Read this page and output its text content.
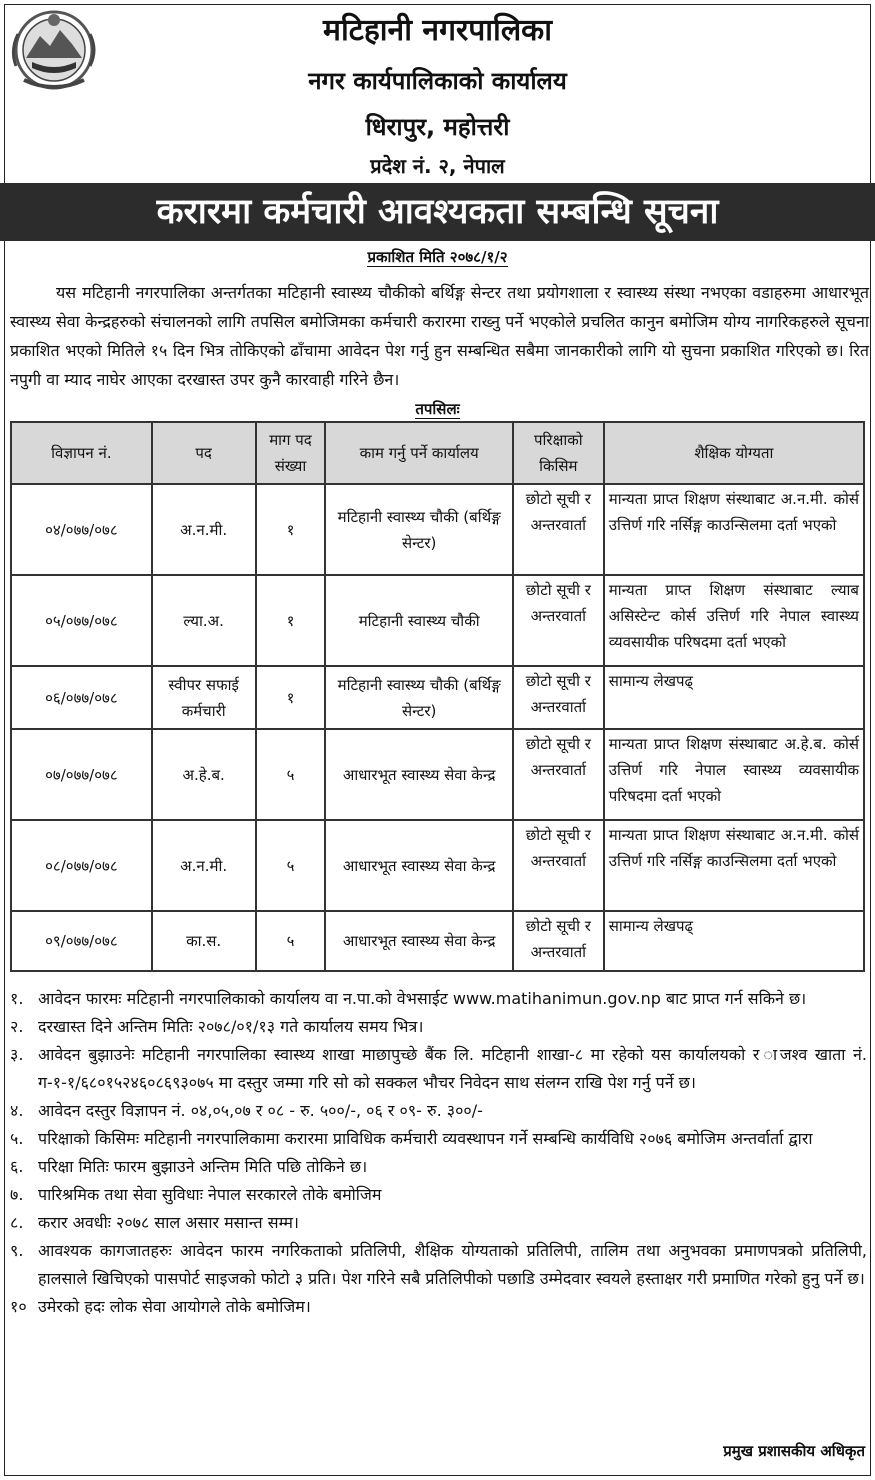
मटिहानी नगरपालिका
नगर कार्यपालिकाको कार्यालय
धिरापुर, महोत्तरी
प्रदेश नं. २, नेपाल
करारमा कर्मचारी आवश्यकता सम्बन्धि सूचना
प्रकाशित मिति २०७८/१/२

यस मटिहानी नगरपालिका अन्तर्गतका मटिहानी स्वास्थ्य चौकीको बर्थिङ्ग सेन्टर तथा प्रयोगशाला र स्वास्थ्य संस्था नभएका वडाहरुमा आधारभूत स्वास्थ्य सेवा केन्द्रहरुको संचालनको लागि तपसिल बमोजिमका कर्मचारी करारमा राख्नु पर्ने भएकोले प्रचलित कानुन बमोजिम योग्य नागरिकहरुले सूचना प्रकाशित भएको मितिले १५ दिन भित्र तोकिएको ढाँचामा आवेदन पेश गर्नु हुन सम्बन्धित सबैमा जानकारीको लागि यो सुचना प्रकाशित गरिएको छ। रित नपुगी वा म्याद नाघेर आएका दरखास्त उपर कुनै कारवाही गरिने छैन।

तपसिलः
विज्ञापन नं.	पद	माग पद संख्या	काम गर्नु पर्ने कार्यालय	परिक्षाको किसिम	शैक्षिक योग्यता
०४/०७७/०७८	अ.न.मी.	१	मटिहानी स्वास्थ्य चौकी (बर्थिङ्ग सेन्टर)	छोटो सूची र अन्तरवार्ता	मान्यता प्राप्त शिक्षण संस्थाबाट अ.न.मी. कोर्स उत्तिर्ण गरि नर्सिङ्ग काउन्सिलमा दर्ता भएको
०५/०७७/०७८	ल्या.अ.	१	मटिहानी स्वास्थ्य चौकी	छोटो सूची र अन्तरवार्ता	मान्यता प्राप्त शिक्षण संस्थाबाट ल्याब असिस्टेन्ट कोर्स उत्तिर्ण गरि नेपाल स्वास्थ्य व्यवसायीक परिषदमा दर्ता भएको
०६/०७७/०७८	स्वीपर सफाई कर्मचारी	१	मटिहानी स्वास्थ्य चौकी (बर्थिङ्ग सेन्टर)	छोटो सूची र अन्तरवार्ता	सामान्य लेखपढ्
०७/०७७/०७८	अ.हे.ब.	५	आधारभूत स्वास्थ्य सेवा केन्द्र	छोटो सूची र अन्तरवार्ता	मान्यता प्राप्त शिक्षण संस्थाबाट अ.हे.ब. कोर्स उत्तिर्ण गरि नेपाल स्वास्थ्य व्यवसायीक परिषदमा दर्ता भएको
०८/०७७/०७८	अ.न.मी.	५	आधारभूत स्वास्थ्य सेवा केन्द्र	छोटो सूची र अन्तरवार्ता	मान्यता प्राप्त शिक्षण संस्थाबाट अ.न.मी. कोर्स उत्तिर्ण गरि नर्सिङ्ग काउन्सिलमा दर्ता भएको
०९/०७७/०७८	का.स.	५	आधारभूत स्वास्थ्य सेवा केन्द्र	छोटो सूची र अन्तरवार्ता	सामान्य लेखपढ्
१. आवेदन फारमः मटिहानी नगरपालिकाको कार्यालय वा न.पा.को वेभसाईट www.matihanimun.gov.np बाट प्राप्त गर्न सकिने छ।
२. दरखास्त दिने अन्तिम मितिः २०७८/०१/१३ गते कार्यालय समय भित्र।
३. आवेदन बुझाउनेः मटिहानी नगरपालिका स्वास्थ्य शाखा माछापुच्छे बैंक लि. मटिहानी शाखा-८ मा रहेको यस कार्यालयको र ाजश्व खाता नं. ग-१-१/६८०१५२४६०८६९३०७५ मा दस्तुर जम्मा गरि सो को सक्कल भौचर निवेदन साथ संलग्न राखि पेश गर्नु पर्ने छ।
४. आवेदन दस्तुर विज्ञापन नं. ०४,०५,०७ र ०८ - रु. ५००/-, ०६ र ०९- रु. ३००/-
५. परिक्षाको किसिमः मटिहानी नगरपालिकामा करारमा प्राविधिक कर्मचारी व्यवस्थापन गर्ने सम्बन्धि कार्यविधि २०७६ बमोजिम अन्तर्वार्ता द्वारा
६. परिक्षा मितिः फारम बुझाउने अन्तिम मिति पछि तोकिने छ।
७. पारिश्रमिक तथा सेवा सुविधाः नेपाल सरकारले तोके बमोजिम
८. करार अवधीः २०७८ साल असार मसान्त सम्म।
९. आवश्यक कागजातहरुः आवेदन फारम नगरिकताको प्रतिलिपी, शैक्षिक योग्यताको प्रतिलिपी, तालिम तथा अनुभवका प्रमाणपत्रको प्रतिलिपी, हालसाले खिचिएको पासपोर्ट साइजको फोटो ३ प्रति। पेश गरिने सबै प्रतिलिपीको पछाडि उम्मेदवार स्वयले हस्ताक्षर गरी प्रमाणित गरेको हुनु पर्ने छ।
१० उमेरको हदः लोक सेवा आयोगले तोके बमोजिम।
प्रमुख प्रशासकीय अधिकृत
